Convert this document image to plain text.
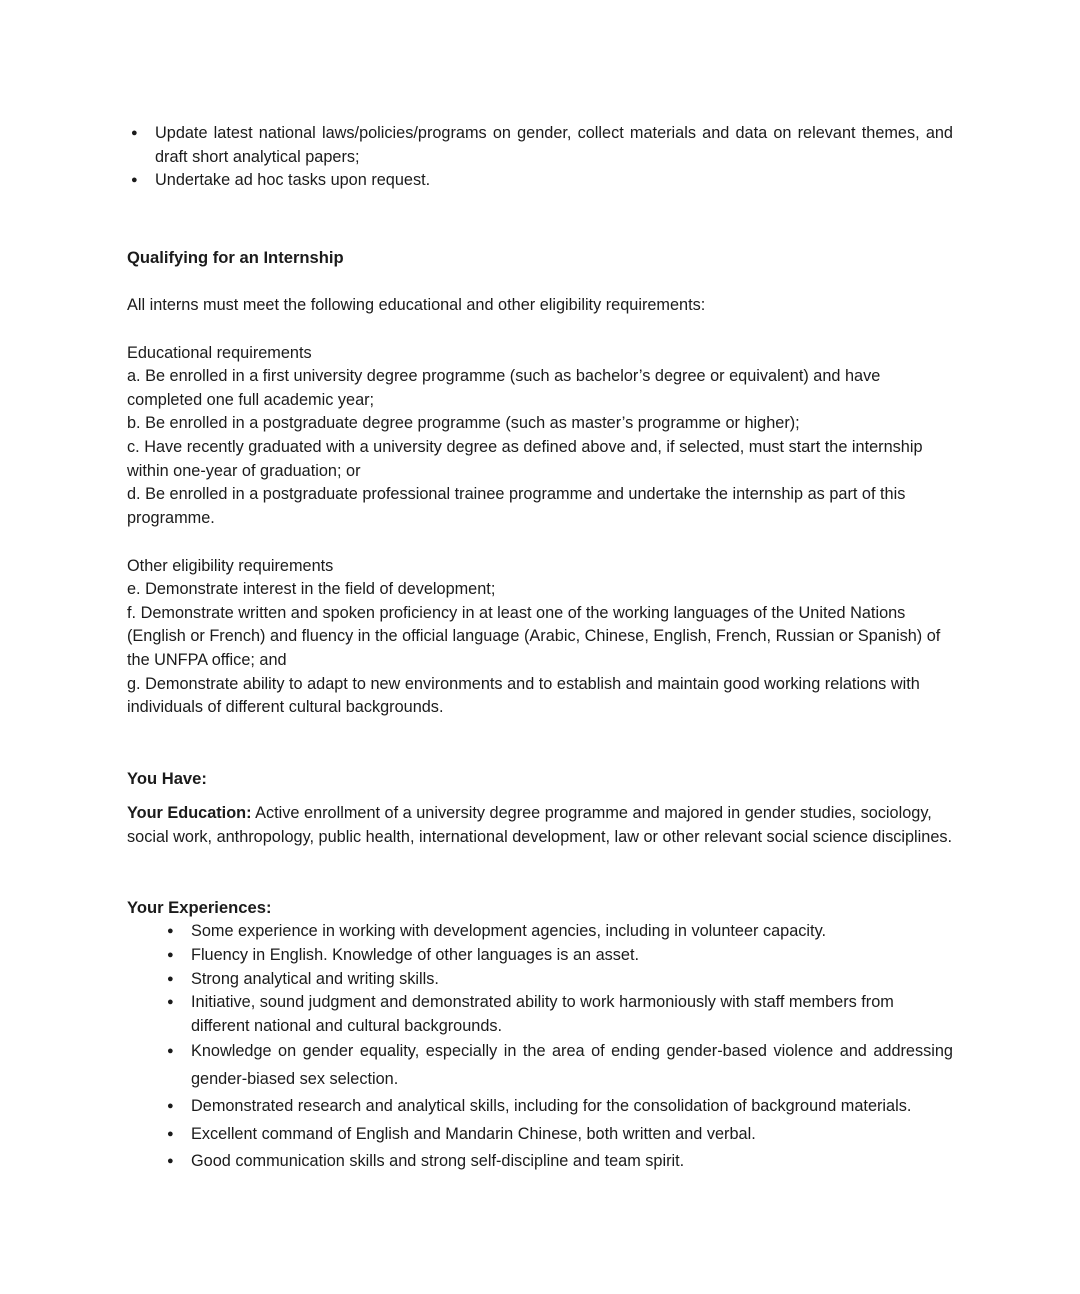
●	Update latest national laws/policies/programs on gender, collect materials and data on relevant themes, and draft short analytical papers;
●	Undertake ad hoc tasks upon request.
Qualifying for an Internship

All interns must meet the following educational and other eligibility requirements:

Educational requirements

a. Be enrolled in a first university degree programme (such as bachelor’s degree or equivalent) and have completed one full academic year;

b. Be enrolled in a postgraduate degree programme (such as master’s programme or higher);

c. Have recently graduated with a university degree as defined above and, if selected, must start the internship within one-year of graduation; or

d. Be enrolled in a postgraduate professional trainee programme and undertake the internship as part of this programme.

Other eligibility requirements

e. Demonstrate interest in the field of development;

f. Demonstrate written and spoken proficiency in at least one of the working languages of the United Nations (English or French) and fluency in the official language (Arabic, Chinese, English, French, Russian or Spanish) of the UNFPA office; and

g. Demonstrate ability to adapt to new environments and to establish and maintain good working relations with individuals of different cultural backgrounds.

You Have:

Your Education: Active enrollment of a university degree programme and majored in gender studies, sociology, social work, anthropology, public health, international development, law or other relevant social science disciplines.

Your Experiences:
●	Some experience in working with development agencies, including in volunteer capacity.
●	Fluency in English. Knowledge of other languages is an asset.
●	Strong analytical and writing skills.
●	Initiative, sound judgment and demonstrated ability to work harmoniously with staff members from different national and cultural backgrounds.
●	Knowledge on gender equality, especially in the area of ending gender-based violence and addressing gender-biased sex selection.
●	Demonstrated research and analytical skills, including for the consolidation of background materials.
●	Excellent command of English and Mandarin Chinese, both written and verbal.
●	Good communication skills and strong self-discipline and team spirit.
